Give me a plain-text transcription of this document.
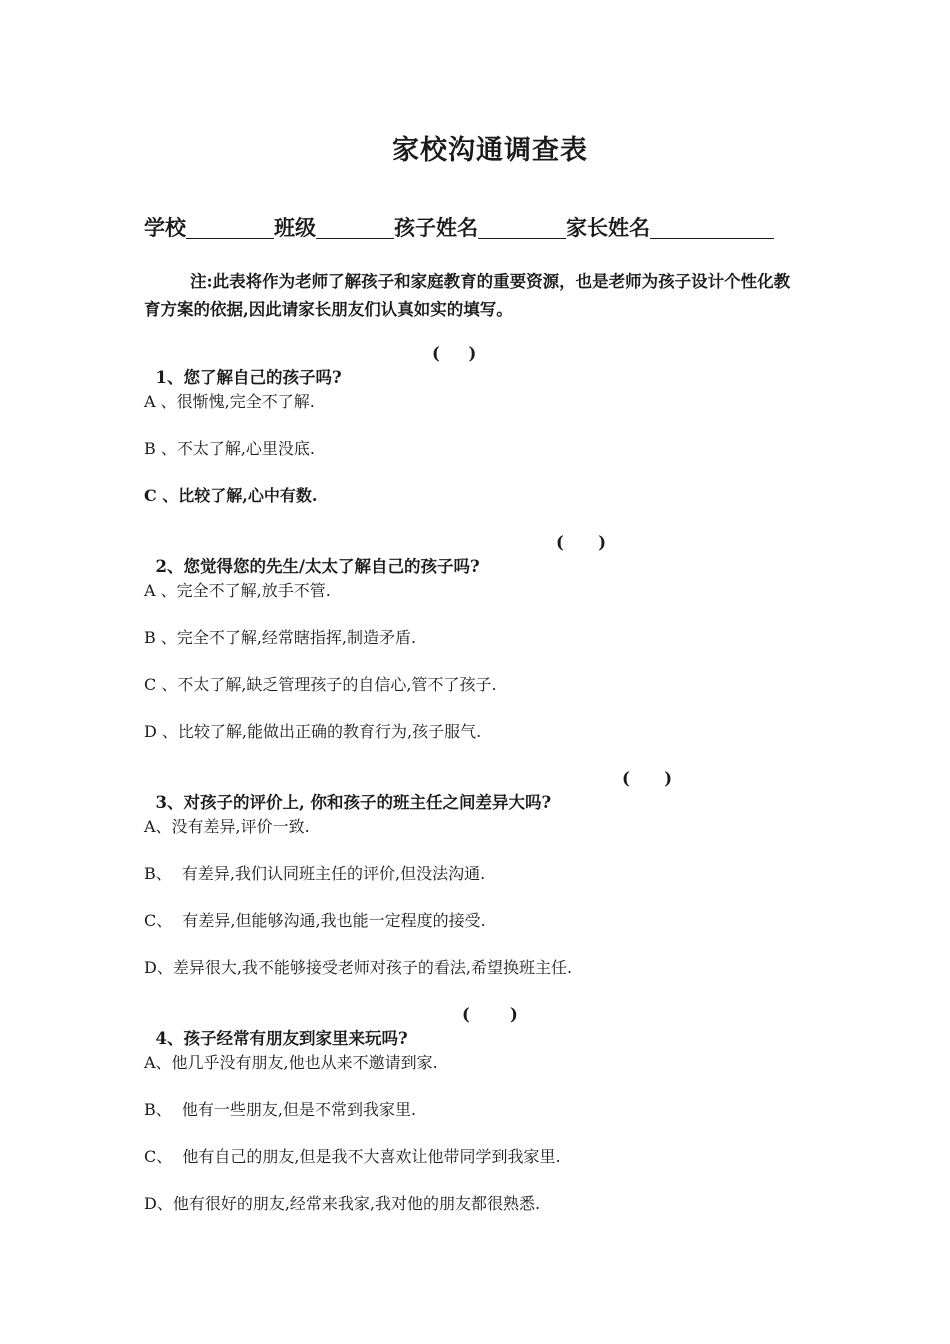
家校沟通调查表
学校	班级	孩子姓名	家长姓名

注:此表将作为老师了解孩子和家庭教育的重要资源，也是老师为孩子设计个性化教育方案的依据,因此请家长朋友们认真如实的填写。

1、您了解自己的孩子吗?

(     )

A 、很惭愧,完全不了解.
B 、不太了解,心里没底.
C 、比较了解,心中有数.

2、您觉得您的先生/太太了解自己的孩子吗?

(      )

A 、完全不了解,放手不管.
B 、完全不了解,经常瞎指挥,制造矛盾.
C 、不太了解,缺乏管理孩子的自信心,管不了孩子.
D 、比较了解,能做出正确的教育行为,孩子服气.

3、对孩子的评价上, 你和孩子的班主任之间差异大吗?

(      )

A、没有差异,评价一致.
B、  有差异,我们认同班主任的评价,但没法沟通.
C、  有差异,但能够沟通,我也能一定程度的接受.
D、差异很大,我不能够接受老师对孩子的看法,希望换班主任.

4、孩子经常有朋友到家里来玩吗?

(       )

A、他几乎没有朋友,他也从来不邀请到家.
B、  他有一些朋友,但是不常到我家里.
C、  他有自己的朋友,但是我不大喜欢让他带同学到我家里.
D、他有很好的朋友,经常来我家,我对他的朋友都很熟悉.
